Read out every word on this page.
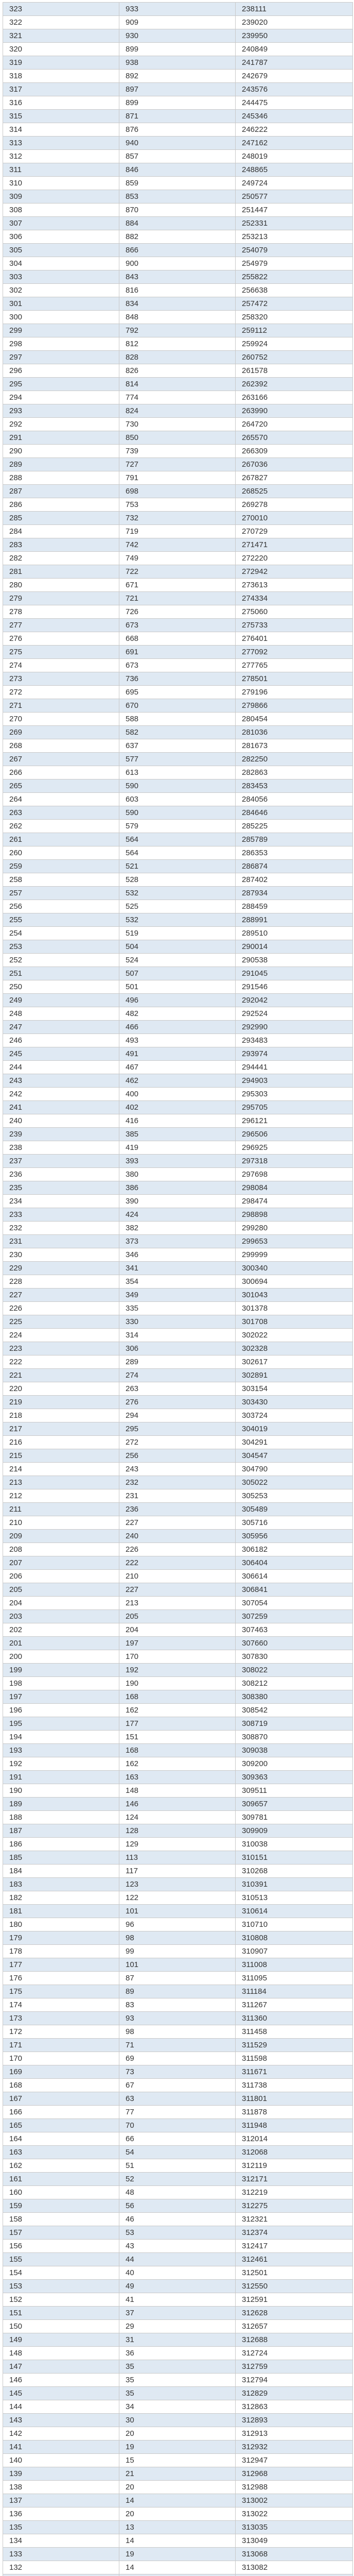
323	933	238111
322	909	239020
321	930	239950
320	899	240849
319	938	241787
318	892	242679
317	897	243576
316	899	244475
315	871	245346
314	876	246222
313	940	247162
312	857	248019
311	846	248865
310	859	249724
309	853	250577
308	870	251447
307	884	252331
306	882	253213
305	866	254079
304	900	254979
303	843	255822
302	816	256638
301	834	257472
300	848	258320
299	792	259112
298	812	259924
297	828	260752
296	826	261578
295	814	262392
294	774	263166
293	824	263990
292	730	264720
291	850	265570
290	739	266309
289	727	267036
288	791	267827
287	698	268525
286	753	269278
285	732	270010
284	719	270729
283	742	271471
282	749	272220
281	722	272942
280	671	273613
279	721	274334
278	726	275060
277	673	275733
276	668	276401
275	691	277092
274	673	277765
273	736	278501
272	695	279196
271	670	279866
270	588	280454
269	582	281036
268	637	281673
267	577	282250
266	613	282863
265	590	283453
264	603	284056
263	590	284646
262	579	285225
261	564	285789
260	564	286353
259	521	286874
258	528	287402
257	532	287934
256	525	288459
255	532	288991
254	519	289510
253	504	290014
252	524	290538
251	507	291045
250	501	291546
249	496	292042
248	482	292524
247	466	292990
246	493	293483
245	491	293974
244	467	294441
243	462	294903
242	400	295303
241	402	295705
240	416	296121
239	385	296506
238	419	296925
237	393	297318
236	380	297698
235	386	298084
234	390	298474
233	424	298898
232	382	299280
231	373	299653
230	346	299999
229	341	300340
228	354	300694
227	349	301043
226	335	301378
225	330	301708
224	314	302022
223	306	302328
222	289	302617
221	274	302891
220	263	303154
219	276	303430
218	294	303724
217	295	304019
216	272	304291
215	256	304547
214	243	304790
213	232	305022
212	231	305253
211	236	305489
210	227	305716
209	240	305956
208	226	306182
207	222	306404
206	210	306614
205	227	306841
204	213	307054
203	205	307259
202	204	307463
201	197	307660
200	170	307830
199	192	308022
198	190	308212
197	168	308380
196	162	308542
195	177	308719
194	151	308870
193	168	309038
192	162	309200
191	163	309363
190	148	309511
189	146	309657
188	124	309781
187	128	309909
186	129	310038
185	113	310151
184	117	310268
183	123	310391
182	122	310513
181	101	310614
180	96	310710
179	98	310808
178	99	310907
177	101	311008
176	87	311095
175	89	311184
174	83	311267
173	93	311360
172	98	311458
171	71	311529
170	69	311598
169	73	311671
168	67	311738
167	63	311801
166	77	311878
165	70	311948
164	66	312014
163	54	312068
162	51	312119
161	52	312171
160	48	312219
159	56	312275
158	46	312321
157	53	312374
156	43	312417
155	44	312461
154	40	312501
153	49	312550
152	41	312591
151	37	312628
150	29	312657
149	31	312688
148	36	312724
147	35	312759
146	35	312794
145	35	312829
144	34	312863
143	30	312893
142	20	312913
141	19	312932
140	15	312947
139	21	312968
138	20	312988
137	14	313002
136	20	313022
135	13	313035
134	14	313049
133	19	313068
132	14	313082
